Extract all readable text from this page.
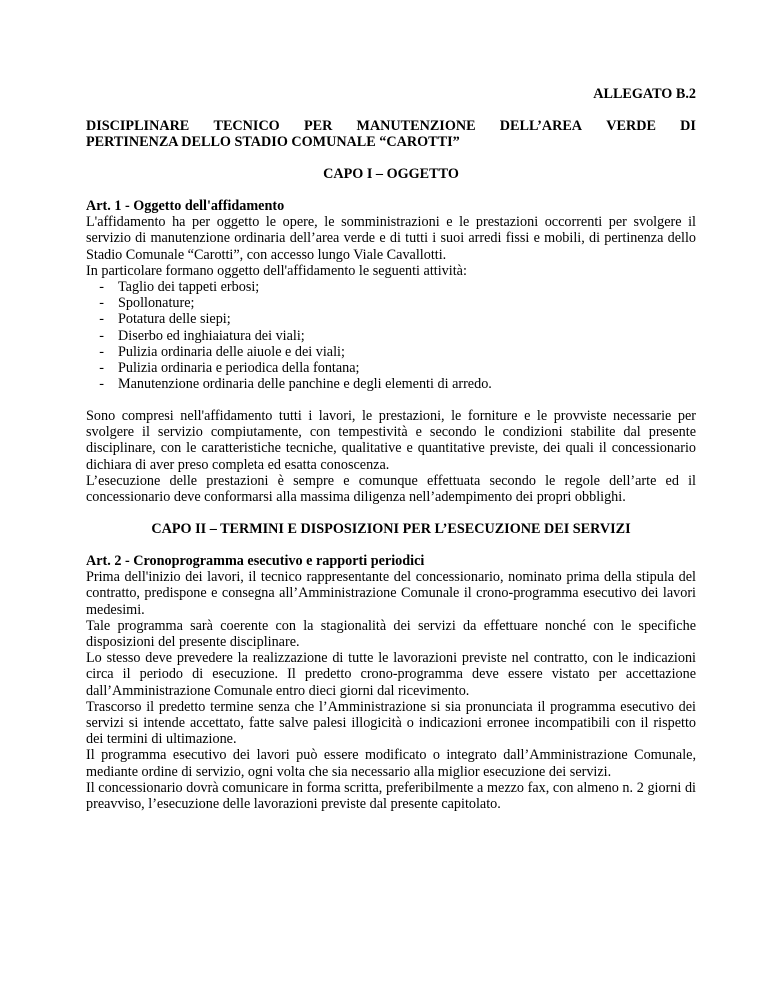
ALLEGATO B.2
DISCIPLINARE TECNICO PER MANUTENZIONE DELL’AREA VERDE DI
PERTINENZA DELLO STADIO COMUNALE “CAROTTI”
CAPO I – OGGETTO
Art. 1 - Oggetto dell'affidamento

L'affidamento ha per oggetto le opere, le somministrazioni e le prestazioni occorrenti per svolgere il servizio di manutenzione ordinaria dell’area verde e di tutti i suoi arredi fissi e mobili, di pertinenza dello Stadio Comunale “Carotti”, con accesso lungo Viale Cavallotti.

In particolare formano oggetto dell'affidamento le seguenti attività:
- Taglio dei tappeti erbosi;
- Spollonature;
- Potatura delle siepi;
- Diserbo ed inghiaiatura dei viali;
- Pulizia ordinaria delle aiuole e dei viali;
- Pulizia ordinaria e periodica della fontana;
- Manutenzione ordinaria delle panchine e degli elementi di arredo.

Sono compresi nell'affidamento tutti i lavori, le prestazioni, le forniture e le provviste necessarie per svolgere il servizio compiutamente, con tempestività e secondo le condizioni stabilite dal presente disciplinare, con le caratteristiche tecniche, qualitative e quantitative previste, dei quali il concessionario dichiara di aver preso completa ed esatta conoscenza.

L’esecuzione delle prestazioni è sempre e comunque effettuata secondo le regole dell’arte ed il concessionario deve conformarsi alla massima diligenza nell’adempimento dei propri obblighi.

CAPO II – TERMINI E DISPOSIZIONI PER L’ESECUZIONE DEI SERVIZI
Art. 2 - Cronoprogramma esecutivo e rapporti periodici

Prima dell'inizio dei lavori, il tecnico rappresentante del concessionario, nominato prima della stipula del contratto, predispone e consegna all’Amministrazione Comunale il crono-programma esecutivo dei lavori medesimi.

Tale programma sarà coerente con la stagionalità dei servizi da effettuare nonché con le specifiche disposizioni del presente disciplinare.

Lo stesso deve prevedere la realizzazione di tutte le lavorazioni previste nel contratto, con le indicazioni circa il periodo di esecuzione. Il predetto crono-programma deve essere vistato per accettazione dall’Amministrazione Comunale entro dieci giorni dal ricevimento.

Trascorso il predetto termine senza che l’Amministrazione si sia pronunciata il programma esecutivo dei servizi si intende accettato, fatte salve palesi illogicità o indicazioni erronee incompatibili con il rispetto dei termini di ultimazione.

Il programma esecutivo dei lavori può essere modificato o integrato dall’Amministrazione Comunale, mediante ordine di servizio, ogni volta che sia necessario alla miglior esecuzione dei servizi.

Il concessionario dovrà comunicare in forma scritta, preferibilmente a mezzo fax, con almeno n. 2 giorni di preavviso, l’esecuzione delle lavorazioni previste dal presente capitolato.
